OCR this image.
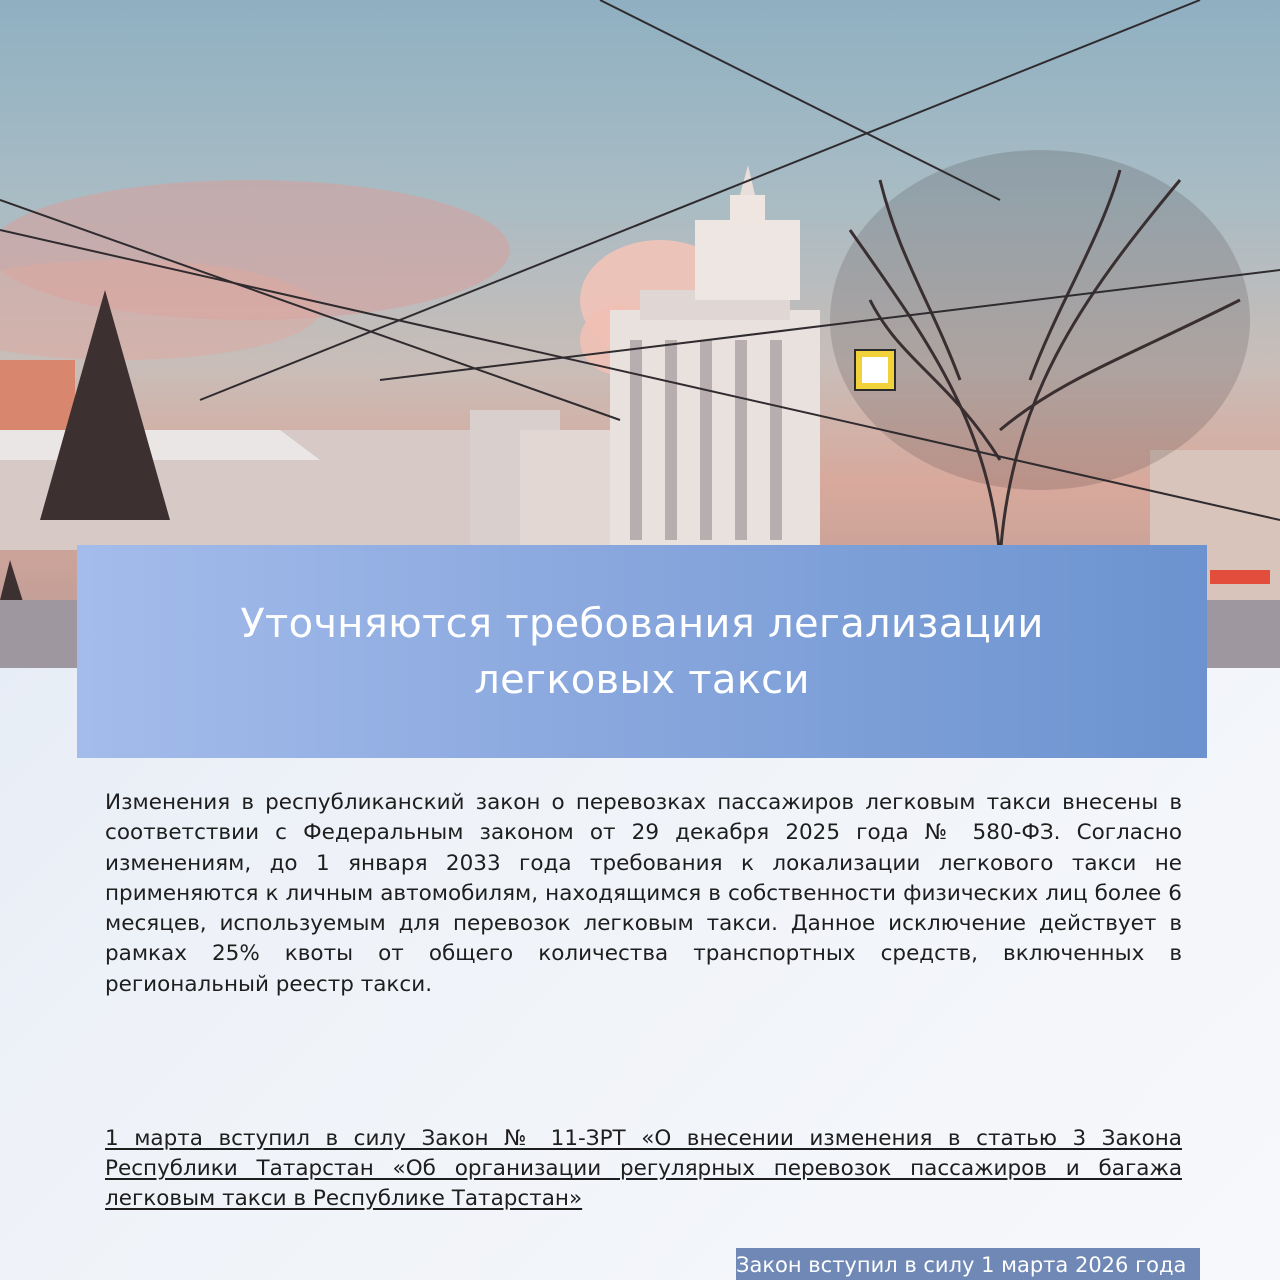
Уточняются требования легализации легковых такси

Изменения в республиканский закон о перевозках пассажиров легковым такси внесены в соответствии с Федеральным законом от 29 декабря 2025 года № 580-ФЗ. Согласно изменениям, до 1 января 2033 года требования к локализации легкового такси не применяются к личным автомобилям, находящимся в собственности физических лиц более 6 месяцев, используемым для перевозок легковым такси. Данное исключение действует в рамках 25% квоты от общего количества транспортных средств, включенных в региональный реестр такси.

1 марта вступил в силу Закон № 11-ЗРТ «О внесении изменения в статью 3 Закона Республики Татарстан «Об организации регулярных перевозок пассажиров и багажа легковым такси в Республике Татарстан»

Закон вступил в силу 1 марта 2026 года
